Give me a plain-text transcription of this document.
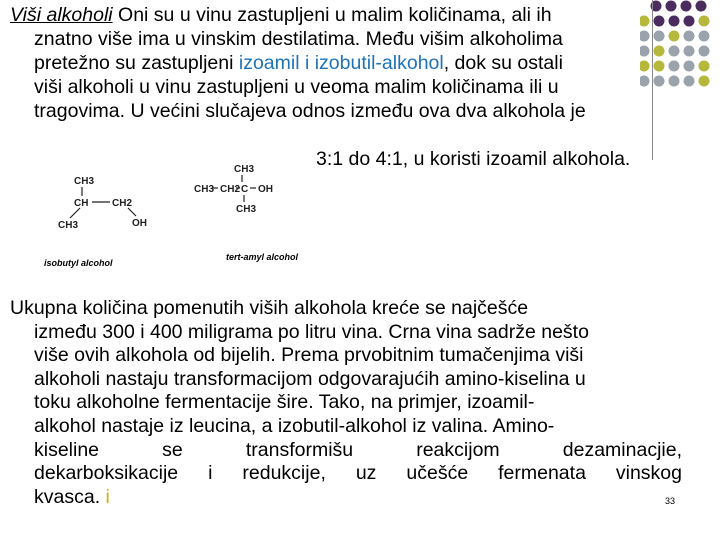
Viši alkoholi Oni su u vinu zastupljeni u malim količinama, ali ih
znatno više ima u vinskim destilatima. Među višim alkoholima
pretežno su zastupljeni izoamil i izobutil-alkohol, dok su ostali
viši alkoholi u vinu zastupljeni u veoma malim količinama ili u
tragovima. U većini slučajeva odnos između ova dva alkohola je
3:1 do 4:1, u koristi izoamil alkohola.
CH3
CH CH2
OH
CH3
CH3
CH3 CH2 C OH
CH3
isobutyl alcohol
tert-amyl alcohol
Ukupna količina pomenutih viših alkohola kreće se najčešće
između 300 i 400 miligrama po litru vina. Crna vina sadrže nešto
više ovih alkohola od bijelih. Prema prvobitnim tumačenjima viši
alkoholi nastaju transformacijom odgovarajućih amino-kiselina u
toku alkoholne fermentacije šire. Tako, na primjer, izoamil-
alkohol nastaje iz leucina, a izobutil-alkohol iz valina. Amino-
kiseline se transformišu reakcijom dezaminacjie,
dekarboksikacije i redukcije, uz učešće fermenata vinskog
kvasca. i	33
